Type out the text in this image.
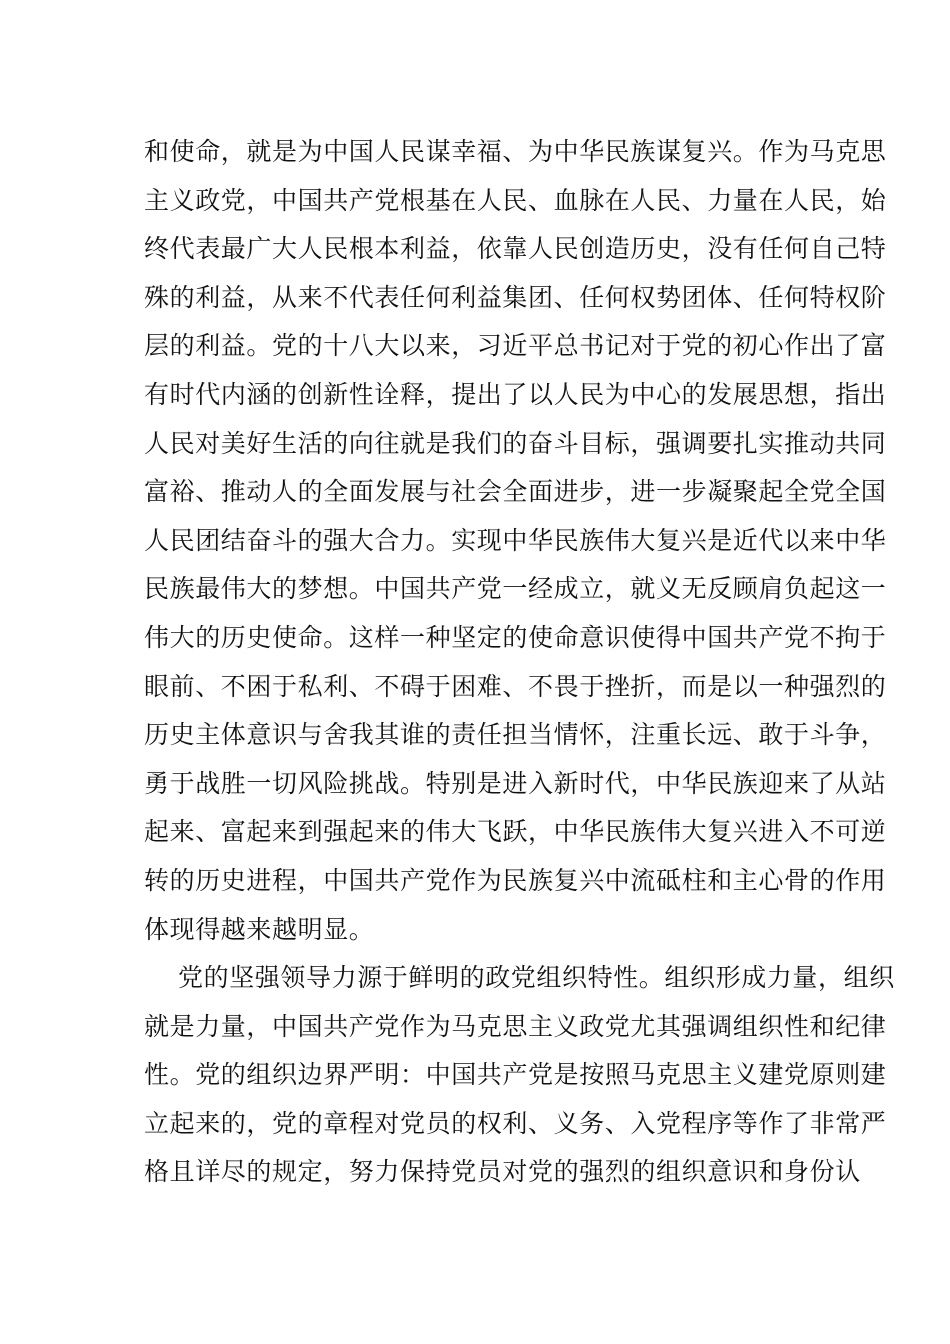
和使命，就是为中国人民谋幸福、为中华民族谋复兴。作为马克思
主义政党，中国共产党根基在人民、血脉在人民、力量在人民，始
终代表最广大人民根本利益，依靠人民创造历史，没有任何自己特
殊的利益，从来不代表任何利益集团、任何权势团体、任何特权阶
层的利益。党的十八大以来，习近平总书记对于党的初心作出了富
有时代内涵的创新性诠释，提出了以人民为中心的发展思想，指出
人民对美好生活的向往就是我们的奋斗目标，强调要扎实推动共同
富裕、推动人的全面发展与社会全面进步，进一步凝聚起全党全国
人民团结奋斗的强大合力。实现中华民族伟大复兴是近代以来中华
民族最伟大的梦想。中国共产党一经成立，就义无反顾肩负起这一
伟大的历史使命。这样一种坚定的使命意识使得中国共产党不拘于
眼前、不困于私利、不碍于困难、不畏于挫折，而是以一种强烈的
历史主体意识与舍我其谁的责任担当情怀，注重长远、敢于斗争，
勇于战胜一切风险挑战。特别是进入新时代，中华民族迎来了从站
起来、富起来到强起来的伟大飞跃，中华民族伟大复兴进入不可逆
转的历史进程，中国共产党作为民族复兴中流砥柱和主心骨的作用
体现得越来越明显。
党的坚强领导力源于鲜明的政党组织特性。组织形成力量，组织
就是力量，中国共产党作为马克思主义政党尤其强调组织性和纪律
性。党的组织边界严明：中国共产党是按照马克思主义建党原则建
立起来的，党的章程对党员的权利、义务、入党程序等作了非常严
格且详尽的规定，努力保持党员对党的强烈的组织意识和身份认
